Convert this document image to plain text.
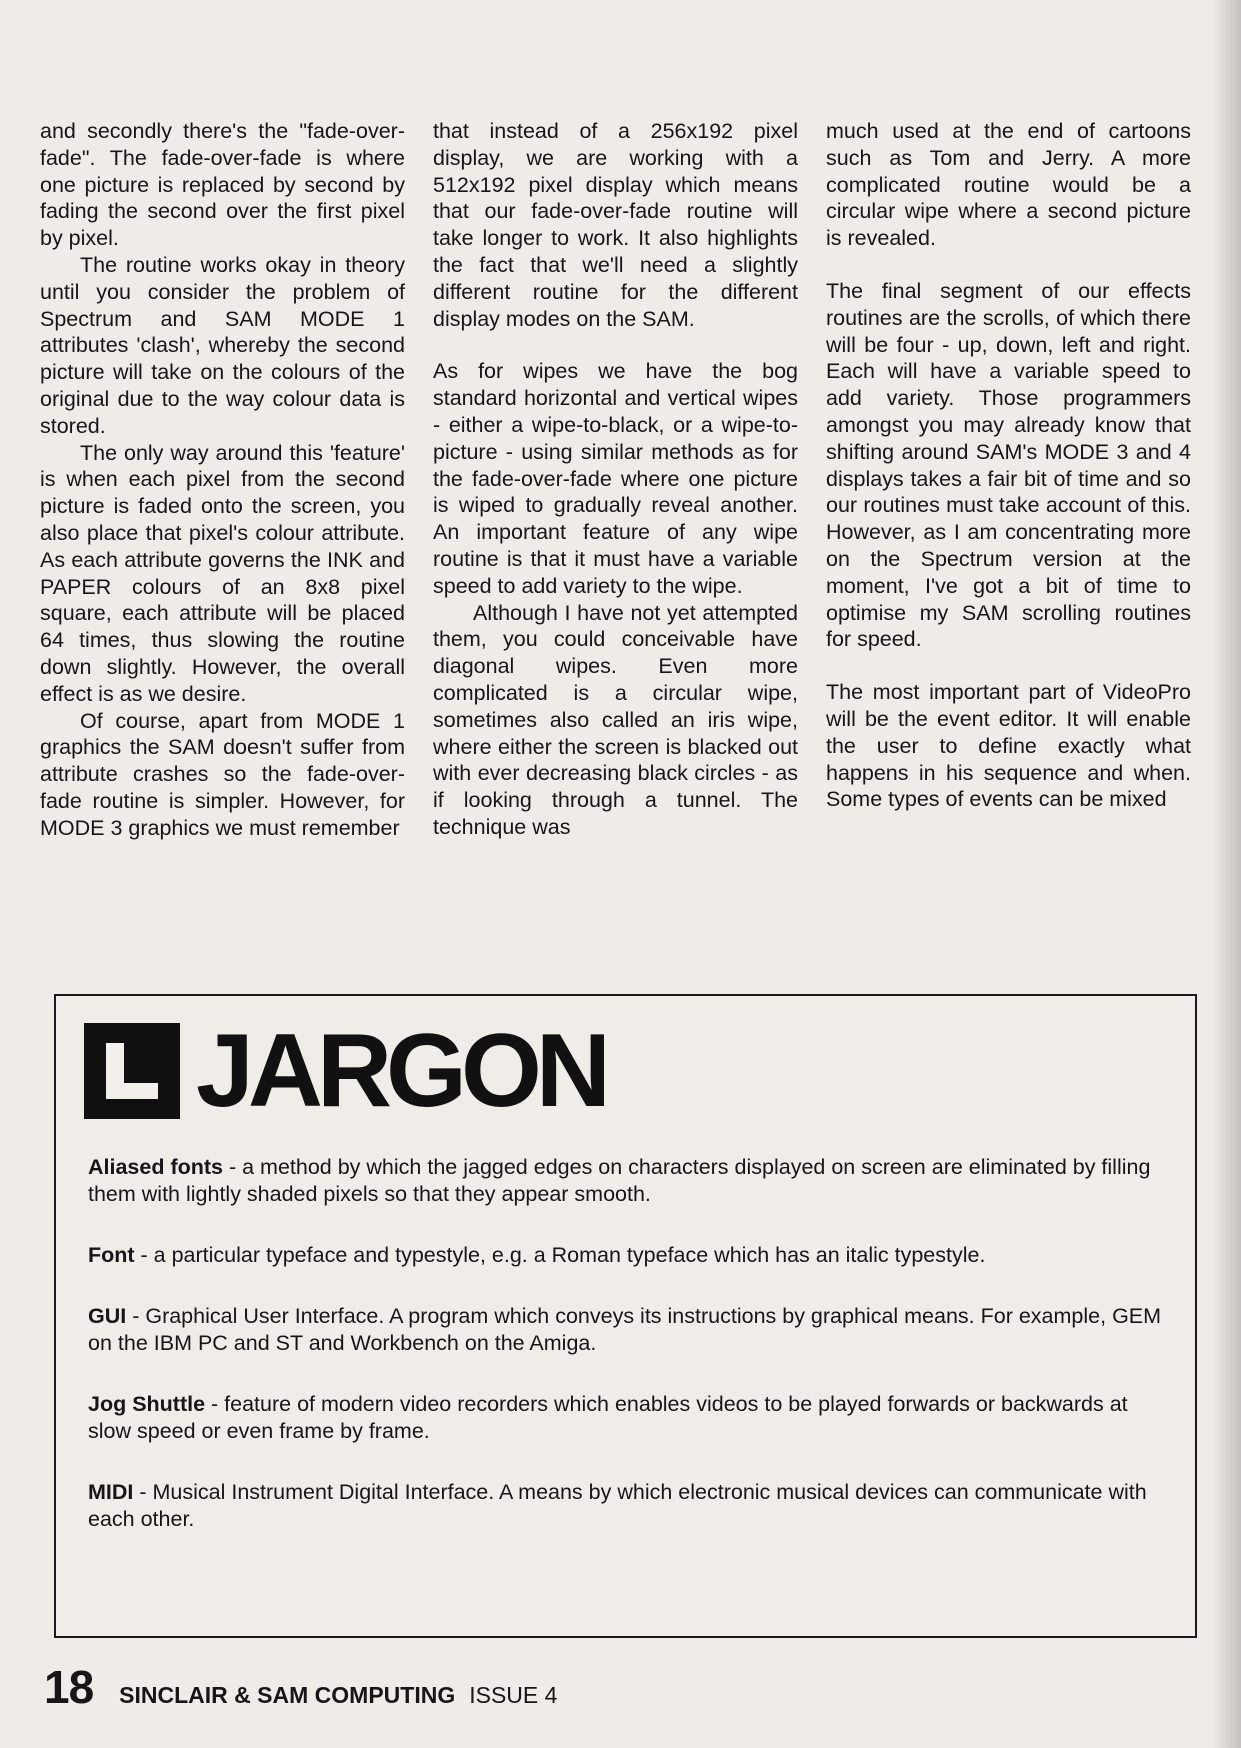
and secondly there's the "fade-over-fade". The fade-over-fade is where one picture is replaced by second by fading the second over the first pixel by pixel.

The routine works okay in theory until you consider the problem of Spectrum and SAM MODE 1 attributes 'clash', whereby the second picture will take on the colours of the original due to the way colour data is stored.

The only way around this 'feature' is when each pixel from the second picture is faded onto the screen, you also place that pixel's colour attribute. As each attribute governs the INK and PAPER colours of an 8x8 pixel square, each attribute will be placed 64 times, thus slowing the routine down slightly. However, the overall effect is as we desire.

Of course, apart from MODE 1 graphics the SAM doesn't suffer from attribute crashes so the fade-over-fade routine is simpler. However, for MODE 3 graphics we must remember

that instead of a 256x192 pixel display, we are working with a 512x192 pixel display which means that our fade-over-fade routine will take longer to work. It also highlights the fact that we'll need a slightly different routine for the different display modes on the SAM.

As for wipes we have the bog standard horizontal and vertical wipes - either a wipe-to-black, or a wipe-to-picture - using similar methods as for the fade-over-fade where one picture is wiped to gradually reveal another. An important feature of any wipe routine is that it must have a variable speed to add variety to the wipe.

Although I have not yet attempted them, you could conceivable have diagonal wipes. Even more complicated is a circular wipe, sometimes also called an iris wipe, where either the screen is blacked out with ever decreasing black circles - as if looking through a tunnel. The technique was

much used at the end of cartoons such as Tom and Jerry. A more complicated routine would be a circular wipe where a second picture is revealed.

The final segment of our effects routines are the scrolls, of which there will be four - up, down, left and right. Each will have a variable speed to add variety. Those programmers amongst you may already know that shifting around SAM's MODE 3 and 4 displays takes a fair bit of time and so our routines must take account of this. However, as I am concentrating more on the Spectrum version at the moment, I've got a bit of time to optimise my SAM scrolling routines for speed.

The most important part of VideoPro will be the event editor. It will enable the user to define exactly what happens in his sequence and when. Some types of events can be mixed

JARGON

Aliased fonts - a method by which the jagged edges on characters displayed on screen are eliminated by filling them with lightly shaded pixels so that they appear smooth.

Font - a particular typeface and typestyle, e.g. a Roman typeface which has an italic typestyle.

GUI - Graphical User Interface. A program which conveys its instructions by graphical means. For example, GEM on the IBM PC and ST and Workbench on the Amiga.

Jog Shuttle - feature of modern video recorders which enables videos to be played forwards or backwards at slow speed or even frame by frame.

MIDI - Musical Instrument Digital Interface. A means by which electronic musical devices can communicate with each other.

18 SINCLAIR & SAM COMPUTING ISSUE 4
